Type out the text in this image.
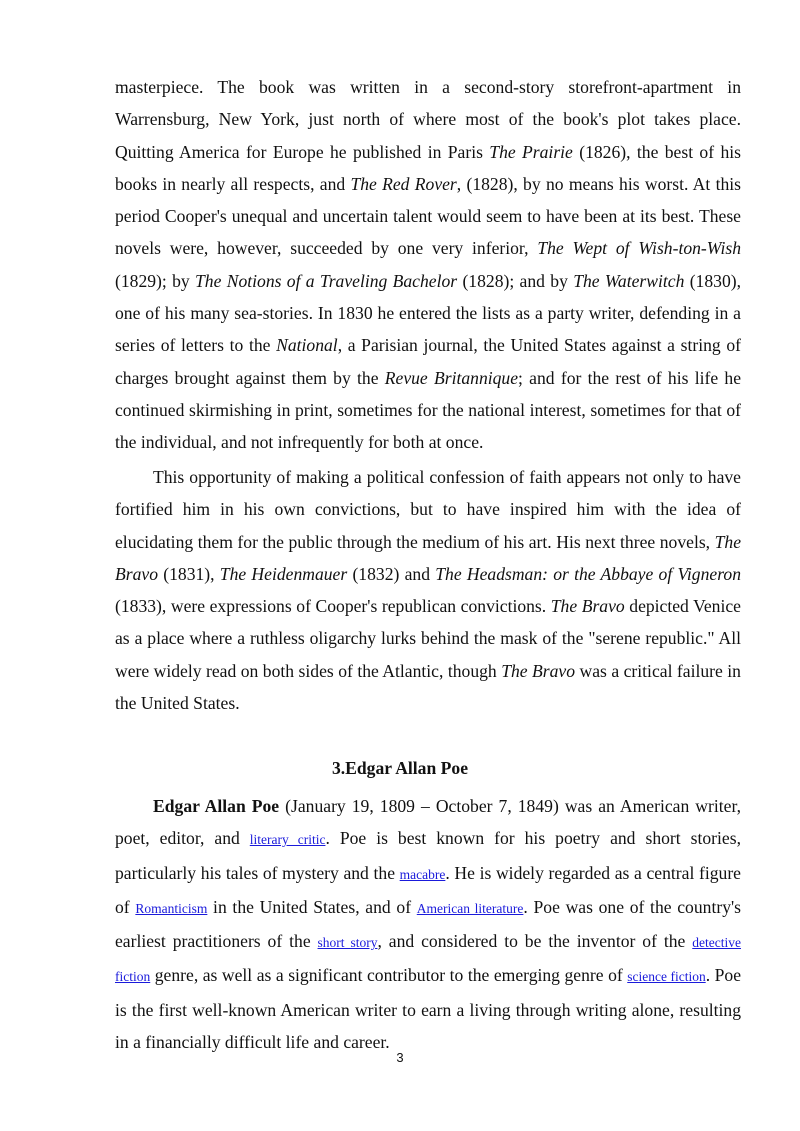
masterpiece. The book was written in a second-story storefront-apartment in Warrensburg, New York, just north of where most of the book's plot takes place. Quitting America for Europe he published in Paris The Prairie (1826), the best of his books in nearly all respects, and The Red Rover, (1828), by no means his worst. At this period Cooper's unequal and uncertain talent would seem to have been at its best. These novels were, however, succeeded by one very inferior, The Wept of Wish-ton-Wish (1829); by The Notions of a Traveling Bachelor (1828); and by The Waterwitch (1830), one of his many sea-stories. In 1830 he entered the lists as a party writer, defending in a series of letters to the National, a Parisian journal, the United States against a string of charges brought against them by the Revue Britannique; and for the rest of his life he continued skirmishing in print, sometimes for the national interest, sometimes for that of the individual, and not infrequently for both at once.

This opportunity of making a political confession of faith appears not only to have fortified him in his own convictions, but to have inspired him with the idea of elucidating them for the public through the medium of his art. His next three novels, The Bravo (1831), The Heidenmauer (1832) and The Headsman: or the Abbaye of Vigneron (1833), were expressions of Cooper's republican convictions. The Bravo depicted Venice as a place where a ruthless oligarchy lurks behind the mask of the "serene republic." All were widely read on both sides of the Atlantic, though The Bravo was a critical failure in the United States.

3.Edgar Allan Poe

Edgar Allan Poe (January 19, 1809 – October 7, 1849) was an American writer, poet, editor, and literary critic. Poe is best known for his poetry and short stories, particularly his tales of mystery and the macabre. He is widely regarded as a central figure of Romanticism in the United States, and of American literature. Poe was one of the country's earliest practitioners of the short story, and considered to be the inventor of the detective fiction genre, as well as a significant contributor to the emerging genre of science fiction. Poe is the first well-known American writer to earn a living through writing alone, resulting in a financially difficult life and career.

3
